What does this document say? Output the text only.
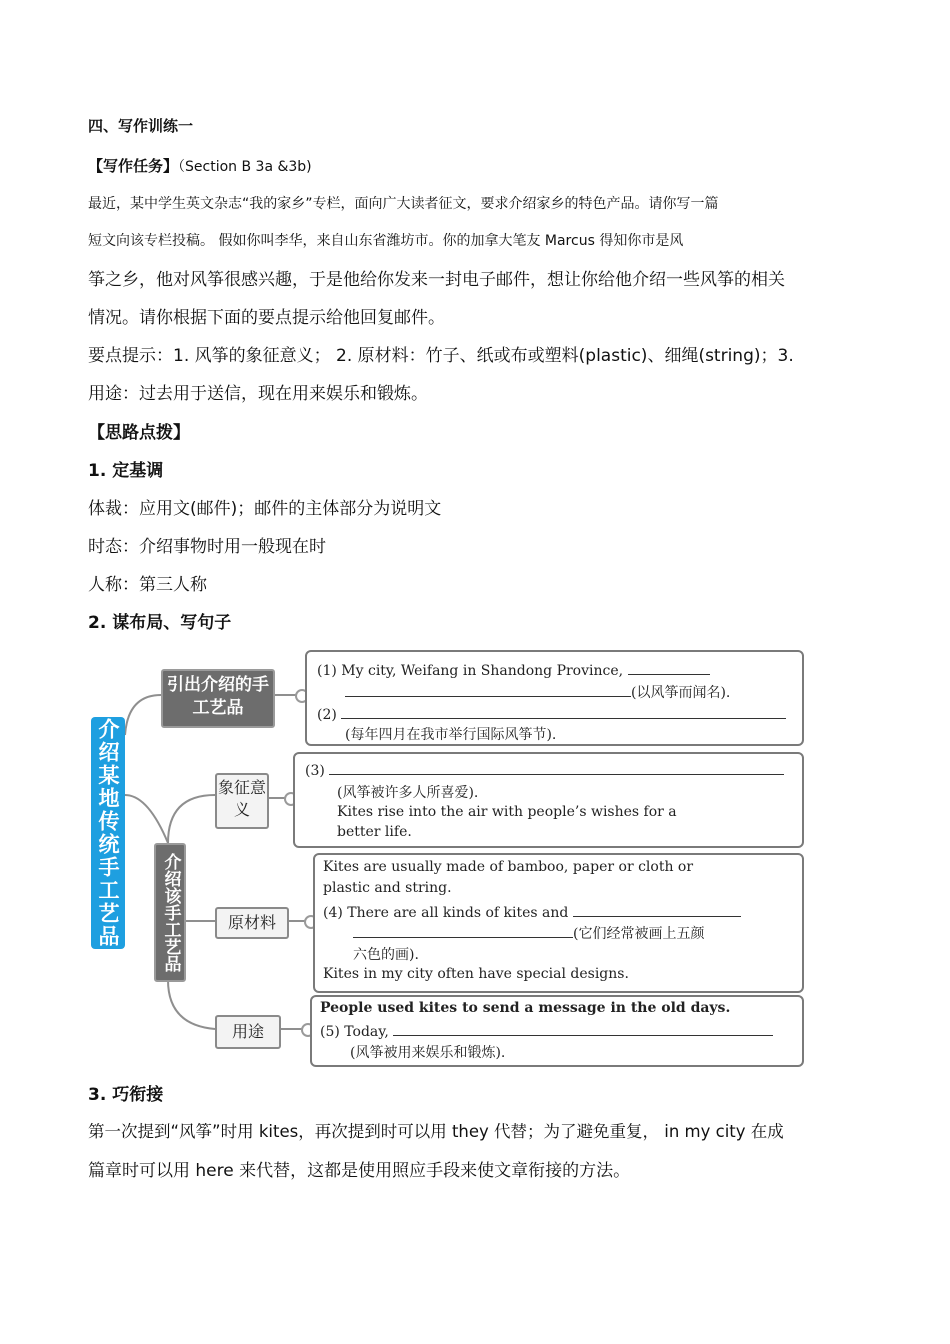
四、写作训练一
【写作任务】（Section B 3a &3b)
最近，某中学生英文杂志“我的家乡”专栏，面向广大读者征文，要求介绍家乡的特色产品。请你写一篇
短文向该专栏投稿。 假如你叫李华，来自山东省潍坊市。你的加拿大笔友 Marcus 得知你市是风
筝之乡，他对风筝很感兴趣，于是他给你发来一封电子邮件，想让你给他介绍一些风筝的相关
情况。请你根据下面的要点提示给他回复邮件。
要点提示：1. 风筝的象征意义； 2. 原材料：竹子、纸或布或塑料(plastic)、细绳(string)；3.
用途：过去用于送信，现在用来娱乐和锻炼。
【思路点拨】
1. 定基调
体裁：应用文(邮件)；邮件的主体部分为说明文
时态：介绍事物时用一般现在时
人称：第三人称
2. 谋布局、写句子
介绍某地传统手工艺品
引出介绍的手工艺品
介绍该手工艺品
象征意义
原材料
用途
(1) My city, Weifang in Shandong Province,
(以风筝而闻名).
(2)
(每年四月在我市举行国际风筝节).
(3)
(风筝被许多人所喜爱).
Kites rise into the air with people’s wishes for a
better life.
Kites are usually made of bamboo, paper or cloth or
plastic and string.
(4) There are all kinds of kites and
(它们经常被画上五颜
六色的画).
Kites in my city often have special designs.
People used kites to send a message in the old days.
(5) Today,
(风筝被用来娱乐和锻炼).
3. 巧衔接
第一次提到“风筝”时用 kites，再次提到时可以用 they 代替；为了避免重复， in my city 在成
篇章时可以用 here 来代替，这都是使用照应手段来使文章衔接的方法。
